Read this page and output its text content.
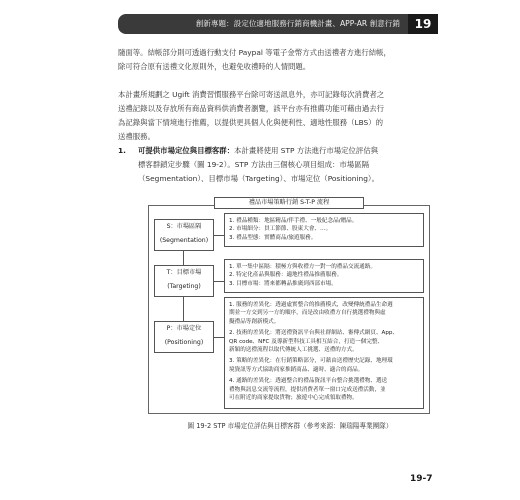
創新專題：設定位適地服務行銷商機計畫、APP-AR 創意行銷	19
隨面等。結帳部分則可透過行動支付 Paypal 等電子金幣方式由送禮者方進行結帳，
除可符合原有送禮文化原則外，也避免收禮時的人情問題。
本計畫所規劃之 Ugift 消費習慣服務平台除可寄送訊息外，亦可記錄每次消費者之
送禮記錄以及存放所有商品資料供消費者瀏覽，該平台亦有推薦功能可藉由過去行
為記錄與當下情境進行推薦，以提供更具個人化與便利性、適地性服務（LBS）的
送禮服務。
1. 可提供市場定位與目標客群：本計畫將使用 STP 方法進行市場定位評估與
標客群鎖定步驟（圖 19-2）。STP 方法由三個核心項目組成：市場區隔
（Segmentation）、目標市場（Targeting）、市場定位（Positioning）。
禮品市場策略行銷 S-T-P 流程
S：市場區隔
(Segmentation)
1. 禮品種類：地區精品/伴手禮、一般紀念品/贈品。
2. 市場細分：員工節節、股東大會、…。
3. 禮品型態：實體商品/旅遊服務。
T：目標市場
(Targeting)
1. 單一集中區隔：積極方與收禮方一對一的禮品交流通路。
2. 特定化產品與服務：適地性禮品推薦服務。
3. 目標市場：將來都轉品推廣到西部市場。
P：市場定位
(Positioning)
1. 服務的差異化：透過虛實整合的推薦模式，改變傳統禮品生命週
期並一方交到另一方的順序，而是改由收禮方自行挑選禮物與虛
擬禮品等創新模式。
2. 技術的差異化：將送禮資訊平台與社群網站、審傳式網頁、App、
QR code、NFC 及導新型科技工具相互結合，打造一個完整、
新穎的送禮流程以取代傳統人工挑選、送禮的方式。
3. 策略的差異化：在行銷策略部分，可藉由送禮歷史記錄、地理環
境資訊等方式協助商家推銷商品、適時、適合的商品。
4. 通路的差異化：透過整合的禮品資訊平台整合挑選禮物、選送
禮物與訊息交流等流程，提供消費者單一窗口完成送禮活動，並
可在附近的商家提取貨物；旅遊中心完成領取禮物。
圖 19-2 STP 市場定位評估與目標客群（參考來源：陳瑞陽專業團隊）
19-7
